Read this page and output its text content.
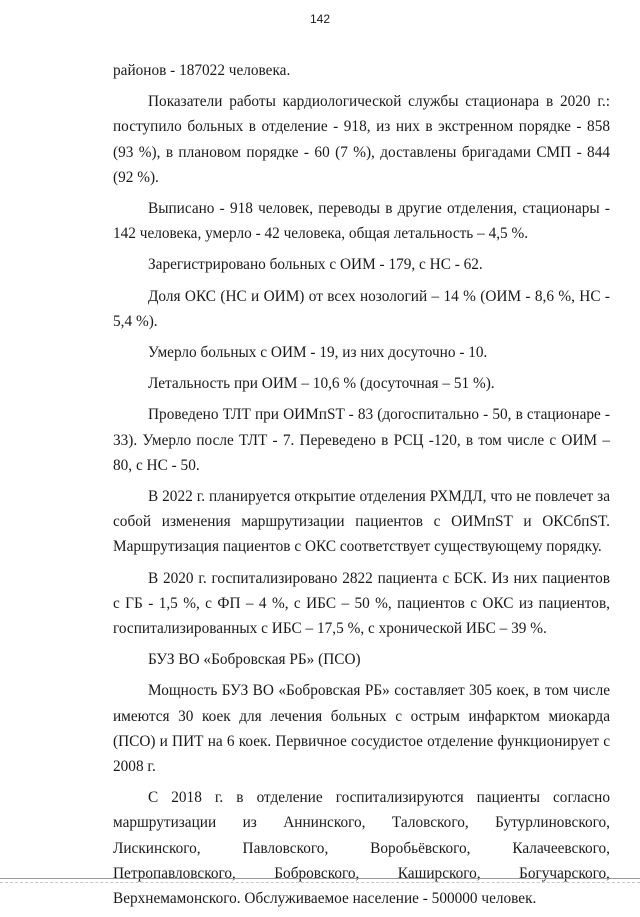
142

районов - 187022 человека.

Показатели работы кардиологической службы стационара в 2020 г.: поступило больных в отделение - 918, из них в экстренном порядке - 858 (93 %), в плановом порядке - 60 (7 %), доставлены бригадами СМП - 844 (92 %).

Выписано - 918 человек, переводы в другие отделения, стационары - 142 человека, умерло - 42 человека, общая летальность – 4,5 %.

Зарегистрировано больных с ОИМ - 179, с НС - 62.

Доля ОКС (НС и ОИМ) от всех нозологий – 14 % (ОИМ - 8,6 %, НС - 5,4 %).

Умерло больных с ОИМ - 19, из них досуточно - 10.

Летальность при ОИМ – 10,6 % (досуточная – 51 %).

Проведено ТЛТ при ОИМпST - 83 (догоспитально - 50, в стационаре - 33). Умерло после ТЛТ - 7. Переведено в РСЦ -120, в том числе с ОИМ – 80, с НС - 50.

В 2022 г. планируется открытие отделения РХМДЛ, что не повлечет за собой изменения маршрутизации пациентов с ОИМпST и ОКСбпST. Маршрутизация пациентов с ОКС соответствует существующему порядку.

В 2020 г. госпитализировано 2822 пациента с БСК. Из них пациентов с ГБ - 1,5 %, с ФП – 4 %, с ИБС – 50 %, пациентов с ОКС из пациентов, госпитализированных с ИБС – 17,5 %, с хронической ИБС – 39 %.

БУЗ ВО «Бобровская РБ» (ПСО)

Мощность БУЗ ВО «Бобровская РБ» составляет 305 коек, в том числе имеются 30 коек для лечения больных с острым инфарктом миокарда (ПСО) и ПИТ на 6 коек. Первичное сосудистое отделение функционирует с 2008 г.

С 2018 г. в отделение госпитализируются пациенты согласно маршрутизации из Аннинского, Таловского, Бутурлиновского, Лискинского, Павловского, Воробьёвского, Калачеевского, Петропавловского, Бобровского, Каширского, Богучарского, Верхнемамонского. Обслуживаемое население - 500000 человек.
